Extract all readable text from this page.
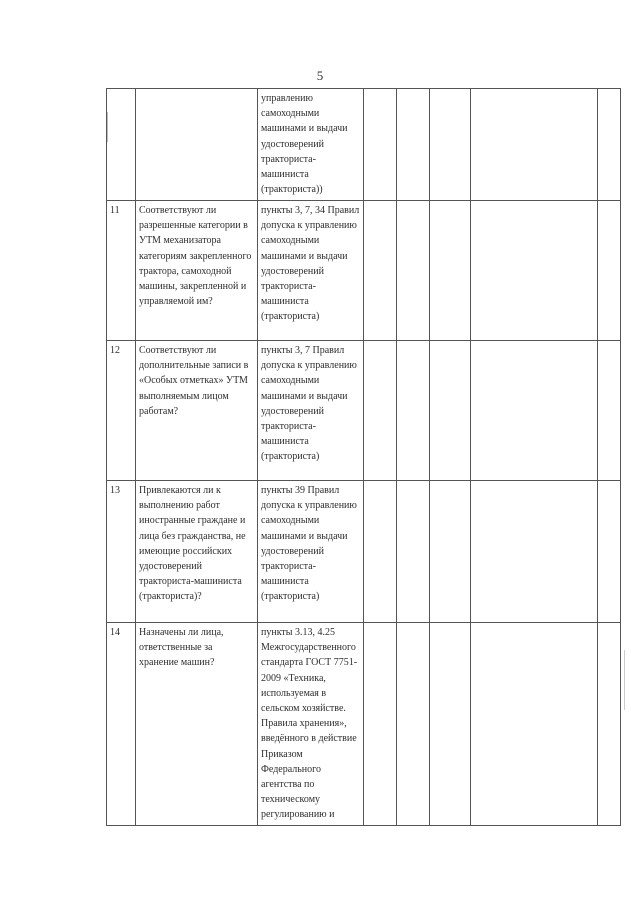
5
		управлению самоходными машинами и выдачи удостоверений тракториста-машиниста (тракториста))					
11	Соответствуют ли разрешенные категории в УТМ механизатора категориям закрепленного трактора, самоходной машины, закрепленной и управляемой им?	пункты 3, 7, 34 Правил допуска к управлению самоходными машинами и выдачи удостоверений тракториста-машиниста (тракториста)					
12	Соответствуют ли дополнительные записи в «Особых отметках» УТМ выполняемым лицом работам?	пункты 3, 7 Правил допуска к управлению самоходными машинами и выдачи удостоверений тракториста-машиниста (тракториста)					
13	Привлекаются ли к выполнению работ иностранные граждане и лица без гражданства, не имеющие российских удостоверений тракториста-машиниста (тракториста)?	пункты 39 Правил допуска к управлению самоходными машинами и выдачи удостоверений тракториста-машиниста (тракториста)					
14	Назначены ли лица, ответственные за хранение машин?	пункты 3.13, 4.25 Межгосударственного стандарта ГОСТ 7751-2009 «Техника, используемая в сельском хозяйстве. Правила хранения», введённого в действие Приказом Федерального агентства по техническому регулированию и					
